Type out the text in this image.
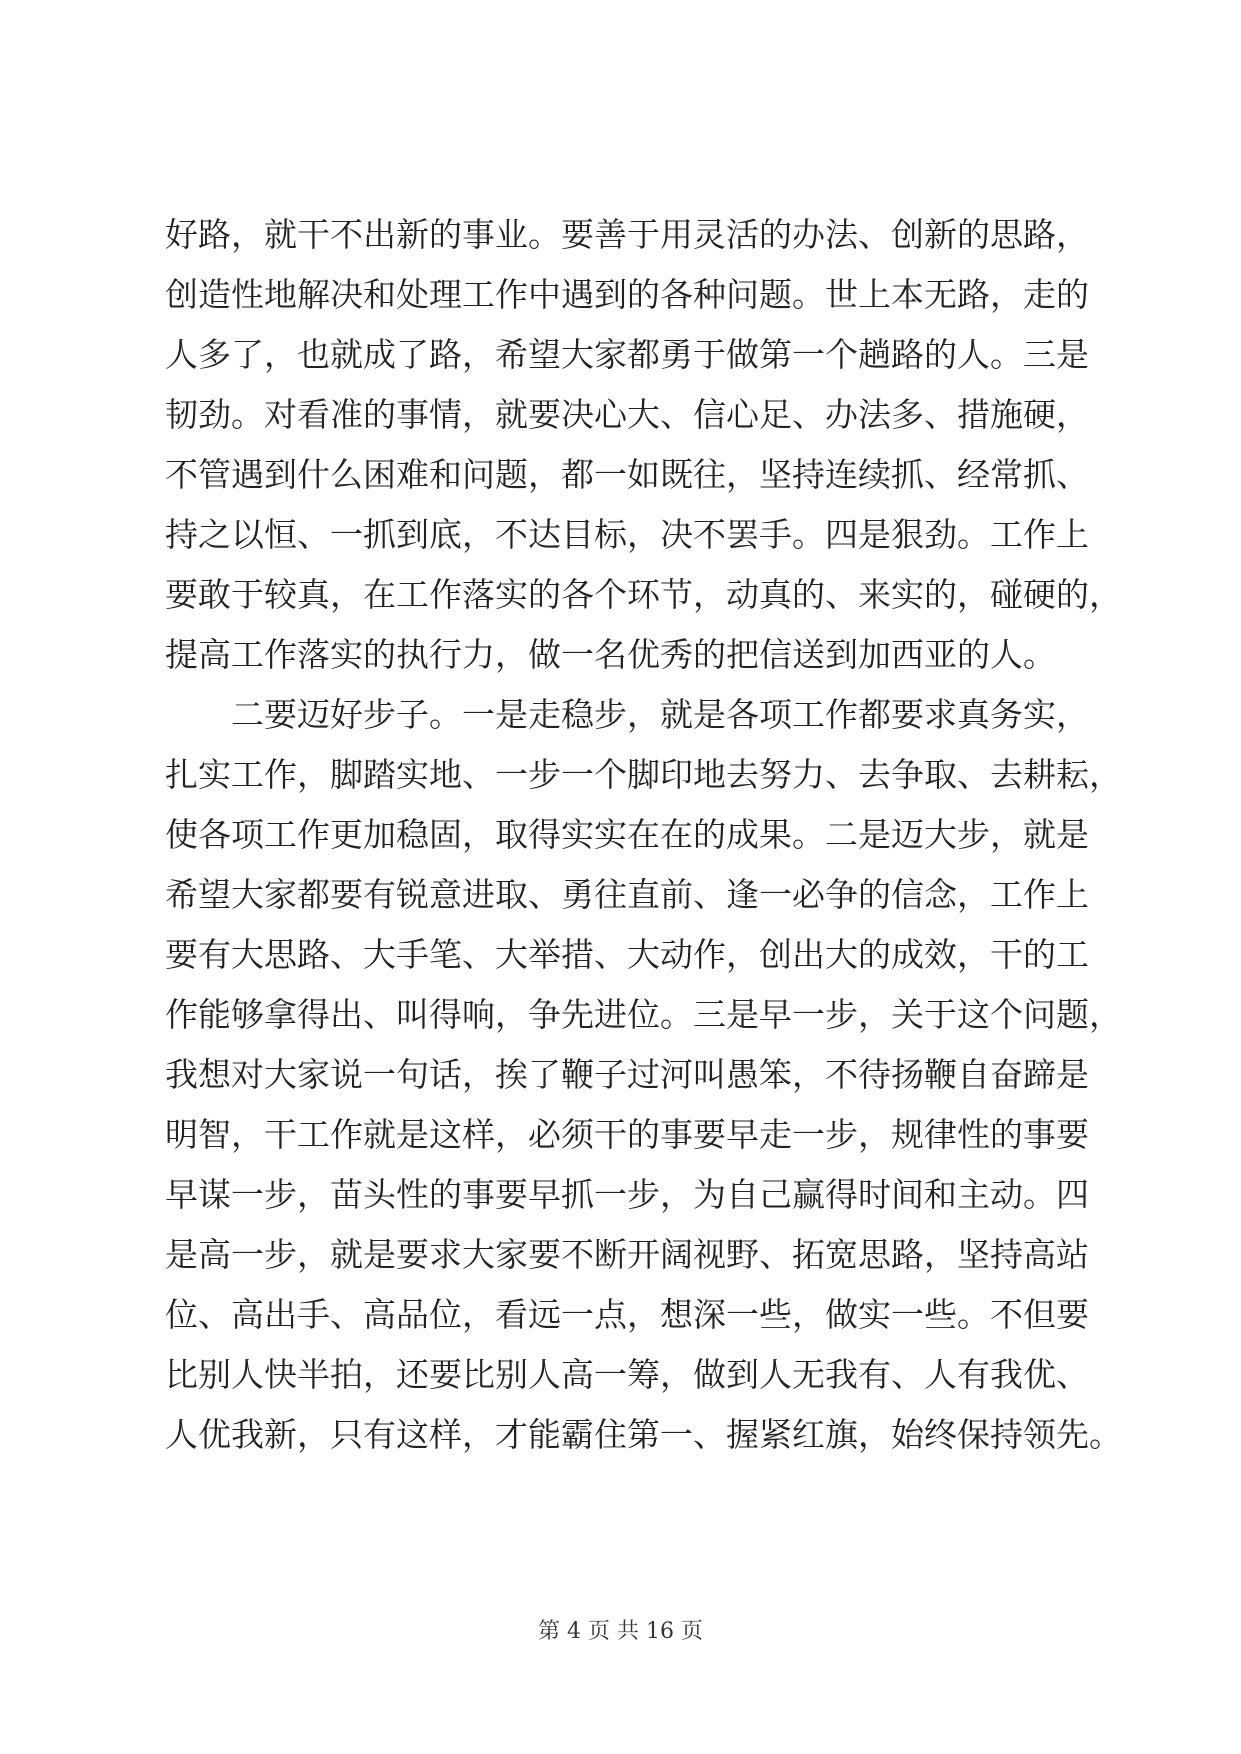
好路，就干不出新的事业。要善于用灵活的办法、创新的思路，
创造性地解决和处理工作中遇到的各种问题。世上本无路，走的
人多了，也就成了路，希望大家都勇于做第一个趟路的人。三是
韧劲。对看准的事情，就要决心大、信心足、办法多、措施硬，
不管遇到什么困难和问题，都一如既往，坚持连续抓、经常抓、
持之以恒、一抓到底，不达目标，决不罢手。四是狠劲。工作上
要敢于较真，在工作落实的各个环节，动真的、来实的，碰硬的，
提高工作落实的执行力，做一名优秀的把信送到加西亚的人。
二要迈好步子。一是走稳步，就是各项工作都要求真务实，
扎实工作，脚踏实地、一步一个脚印地去努力、去争取、去耕耘，
使各项工作更加稳固，取得实实在在的成果。二是迈大步，就是
希望大家都要有锐意进取、勇往直前、逢一必争的信念，工作上
要有大思路、大手笔、大举措、大动作，创出大的成效，干的工
作能够拿得出、叫得响，争先进位。三是早一步，关于这个问题，
我想对大家说一句话，挨了鞭子过河叫愚笨，不待扬鞭自奋蹄是
明智，干工作就是这样，必须干的事要早走一步，规律性的事要
早谋一步，苗头性的事要早抓一步，为自己赢得时间和主动。四
是高一步，就是要求大家要不断开阔视野、拓宽思路，坚持高站
位、高出手、高品位，看远一点，想深一些，做实一些。不但要
比别人快半拍，还要比别人高一筹，做到人无我有、人有我优、
人优我新，只有这样，才能霸住第一、握紧红旗，始终保持领先。
第 4 页 共 16 页
